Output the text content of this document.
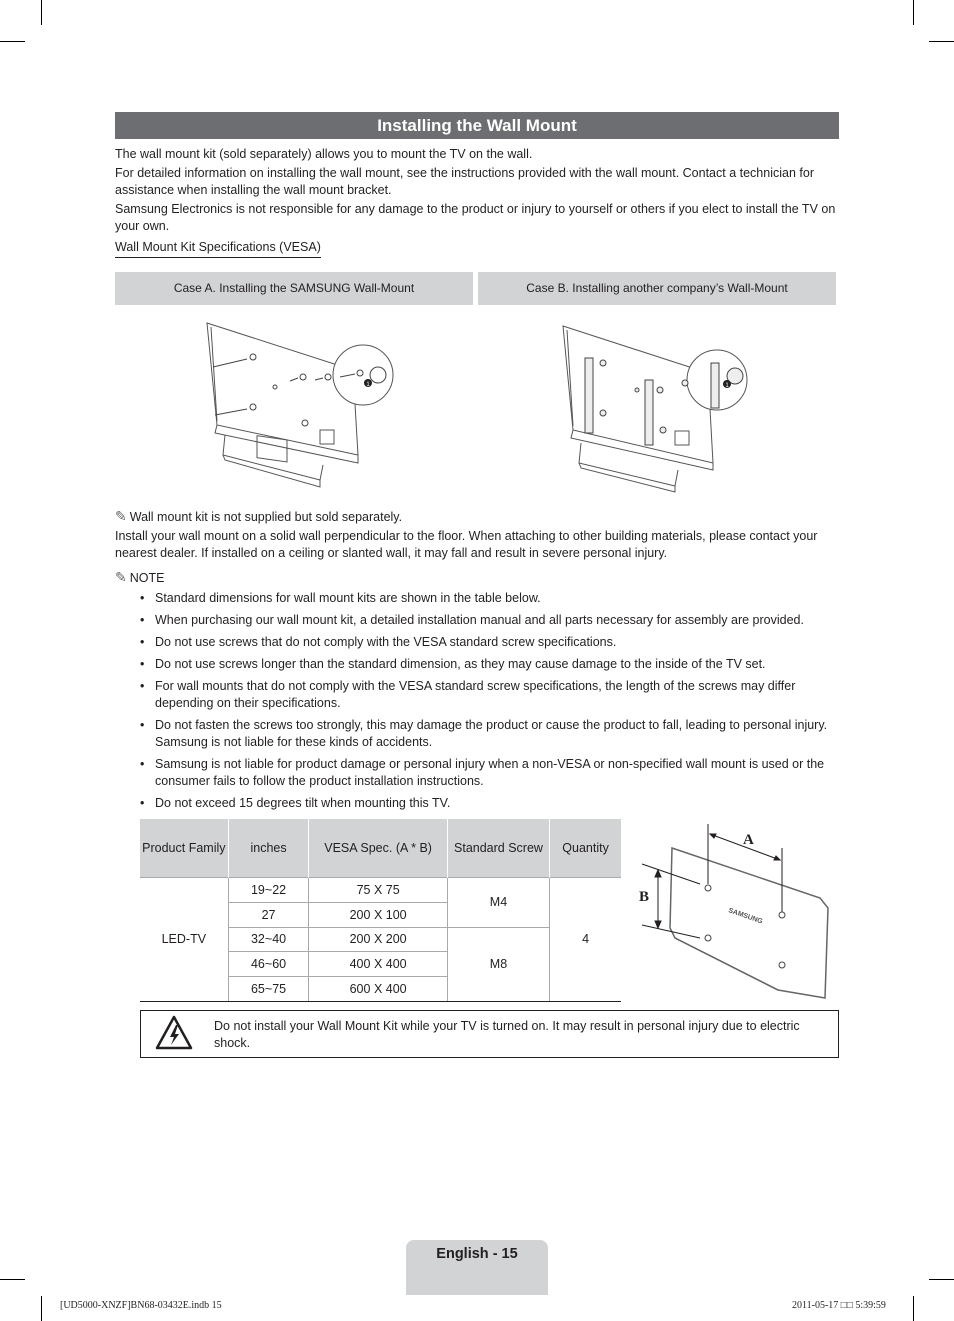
Installing the Wall Mount

The wall mount kit (sold separately) allows you to mount the TV on the wall.

For detailed information on installing the wall mount, see the instructions provided with the wall mount. Contact a technician for assistance when installing the wall mount bracket.

Samsung Electronics is not responsible for any damage to the product or injury to yourself or others if you elect to install the TV on your own.

Wall Mount Kit Specifications (VESA)
Case A. Installing the SAMSUNG Wall-Mount	Case B. Installing another company’s Wall-Mount
1	1
✎ Wall mount kit is not supplied but sold separately.
Install your wall mount on a solid wall perpendicular to the floor. When attaching to other building materials, please contact your nearest dealer. If installed on a ceiling or slanted wall, it may fall and result in severe personal injury.
✎ NOTE
• Standard dimensions for wall mount kits are shown in the table below.
• When purchasing our wall mount kit, a detailed installation manual and all parts necessary for assembly are provided.
• Do not use screws that do not comply with the VESA standard screw specifications.
• Do not use screws longer than the standard dimension, as they may cause damage to the inside of the TV set.
• For wall mounts that do not comply with the VESA standard screw specifications, the length of the screws may differ depending on their specifications.
• Do not fasten the screws too strongly, this may damage the product or cause the product to fall, leading to personal injury. Samsung is not liable for these kinds of accidents.
• Samsung is not liable for product damage or personal injury when a non-VESA or non-specified wall mount is used or the consumer fails to follow the product installation instructions.
• Do not exceed 15 degrees tilt when mounting this TV.
Product Family	inches	VESA Spec. (A * B)	Standard Screw	Quantity
LED-TV	19~22	75 X 75	M4	4
	27	200 X 100		
	32~40	200 X 200	M8	
	46~60	400 X 400		
	65~75	600 X 400		
A
B
SAMSUNG
Do not install your Wall Mount Kit while your TV is turned on. It may result in personal injury due to electric shock.
English - 15
[UD5000-XNZF]BN68-03432E.indb 15	2011-05-17 □□ 5:39:59
